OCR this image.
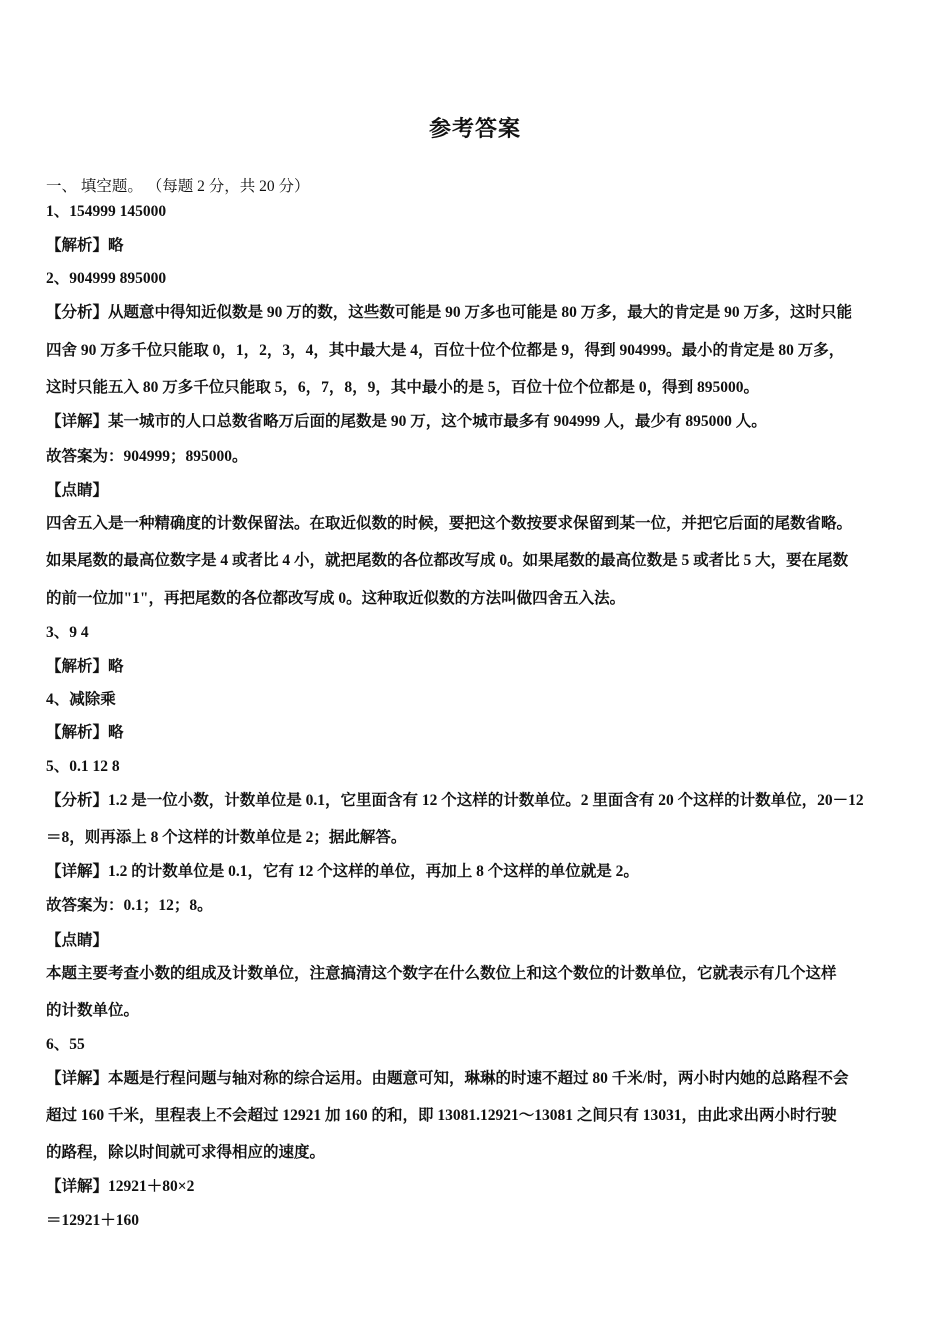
参考答案
一、 填空题。 （每题 2 分，共 20 分）
1、154999 145000
【解析】略
2、904999 895000
【分析】从题意中得知近似数是 90 万的数，这些数可能是 90 万多也可能是 80 万多，最大的肯定是 90 万多，这时只能
四舍 90 万多千位只能取 0，1，2，3，4，其中最大是 4，百位十位个位都是 9，得到 904999。最小的肯定是 80 万多，
这时只能五入 80 万多千位只能取 5，6，7，8，9，其中最小的是 5，百位十位个位都是 0，得到 895000。
【详解】某一城市的人口总数省略万后面的尾数是 90 万，这个城市最多有 904999 人，最少有 895000 人。
故答案为：904999；895000。
【点睛】
四舍五入是一种精确度的计数保留法。在取近似数的时候，要把这个数按要求保留到某一位，并把它后面的尾数省略。
如果尾数的最高位数字是 4 或者比 4 小，就把尾数的各位都改写成 0。如果尾数的最高位数是 5 或者比 5 大，要在尾数
的前一位加"1"，再把尾数的各位都改写成 0。这种取近似数的方法叫做四舍五入法。
3、9 4
【解析】略
4、减除乘
【解析】略
5、0.1 12 8
【分析】1.2 是一位小数，计数单位是 0.1，它里面含有 12 个这样的计数单位。2 里面含有 20 个这样的计数单位，20－12
＝8，则再添上 8 个这样的计数单位是 2；据此解答。
【详解】1.2 的计数单位是 0.1，它有 12 个这样的单位，再加上 8 个这样的单位就是 2。
故答案为：0.1；12；8。
【点睛】
本题主要考查小数的组成及计数单位，注意搞清这个数字在什么数位上和这个数位的计数单位，它就表示有几个这样
的计数单位。
6、55
【详解】本题是行程问题与轴对称的综合运用。由题意可知，琳琳的时速不超过 80 千米/时，两小时内她的总路程不会
超过 160 千米，里程表上不会超过 12921 加 160 的和，即 13081.12921～13081 之间只有 13031，由此求出两小时行驶
的路程，除以时间就可求得相应的速度。
【详解】12921＋80×2
＝12921＋160
